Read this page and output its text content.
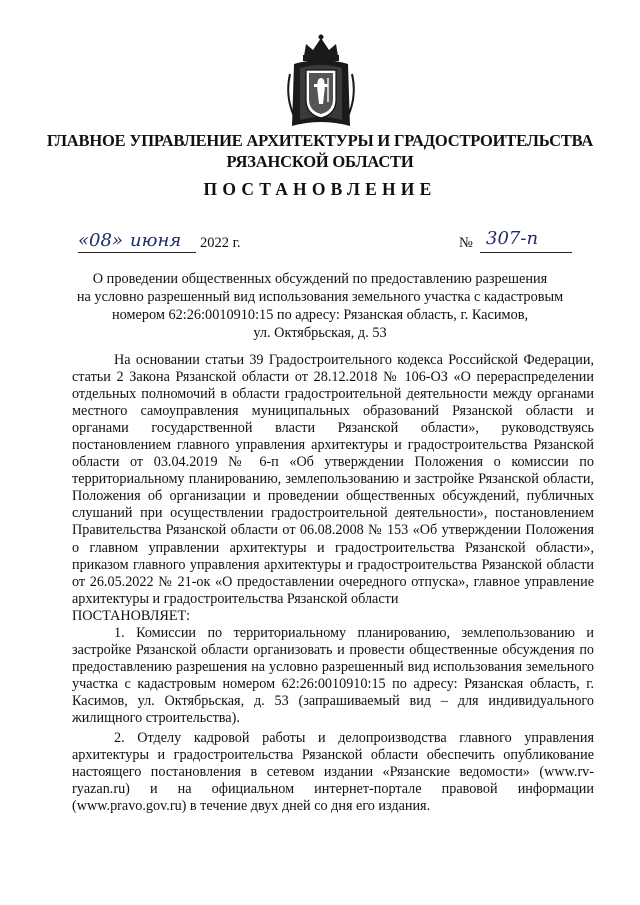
ГЛАВНОЕ УПРАВЛЕНИЕ АРХИТЕКТУРЫ И ГРАДОСТРОИТЕЛЬСТВА
РЯЗАНСКОЙ ОБЛАСТИ
ПОСТАНОВЛЕНИЕ
«08» июня 2022 г.	№ 307-п
О проведении общественных обсуждений по предоставлению разрешения
на условно разрешенный вид использования земельного участка с кадастровым
номером 62:26:0010910:15 по адресу: Рязанская область, г. Касимов,
ул. Октябрьская, д. 53

На основании статьи 39 Градостроительного кодекса Российской Федерации, статьи 2 Закона Рязанской области от 28.12.2018 № 106-ОЗ «О перераспределении отдельных полномочий в области градостроительной деятельности между органами местного самоуправления муниципальных образований Рязанской области и органами государственной власти Рязанской области», руководствуясь постановлением главного управления архитектуры и градостроительства Рязанской области от 03.04.2019 № 6-п «Об утверждении Положения о комиссии по территориальному планированию, землепользованию и застройке Рязанской области, Положения об организации и проведении общественных обсуждений, публичных слушаний при осуществлении градостроительной деятельности», постановлением Правительства Рязанской области от 06.08.2008 № 153 «Об утверждении Положения о главном управлении архитектуры и градостроительства Рязанской области», приказом главного управления архитектуры и градостроительства Рязанской области от 26.05.2022 № 21-ок «О предоставлении очередного отпуска», главное управление архитектуры и градостроительства Рязанской области

ПОСТАНОВЛЯЕТ:

1. Комиссии по территориальному планированию, землепользованию и застройке Рязанской области организовать и провести общественные обсуждения по предоставлению разрешения на условно разрешенный вид использования земельного участка с кадастровым номером 62:26:0010910:15 по адресу: Рязанская область, г. Касимов, ул. Октябрьская, д. 53 (запрашиваемый вид – для индивидуального жилищного строительства).

2. Отделу кадровой работы и делопроизводства главного управления архитектуры и градостроительства Рязанской области обеспечить опубликование настоящего постановления в сетевом издании «Рязанские ведомости» (www.rv-ryazan.ru) и на официальном интернет-портале правовой информации (www.pravo.gov.ru) в течение двух дней со дня его издания.
